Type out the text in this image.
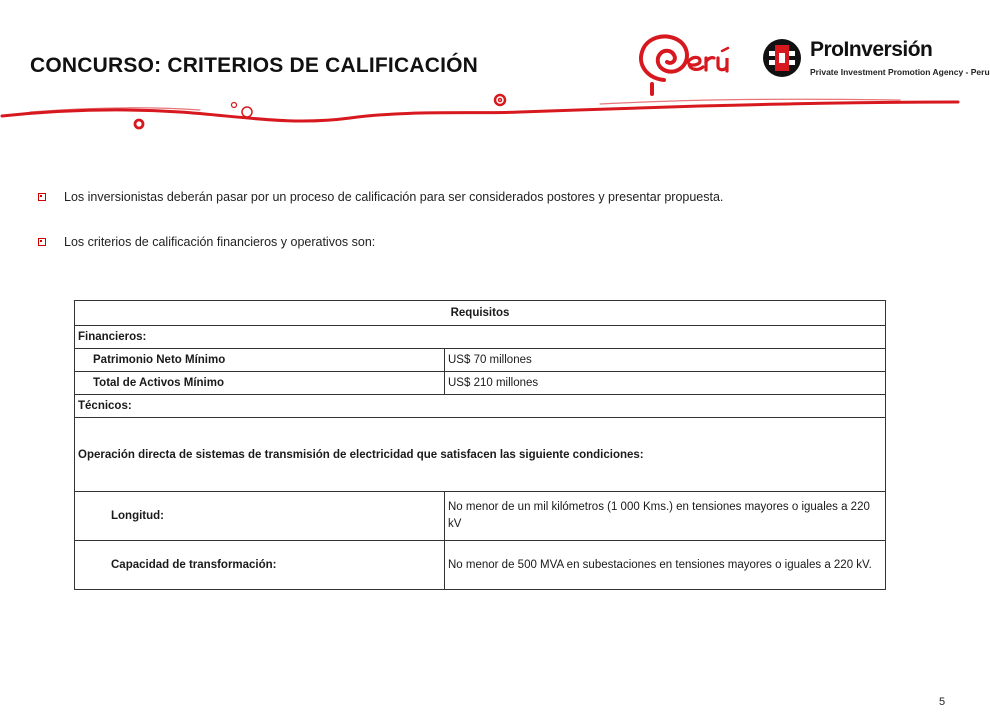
CONCURSO: CRITERIOS DE CALIFICACIÓN
ProInversión
Private Investment Promotion Agency - Peru
Los inversionistas deberán pasar por un proceso de calificación para ser considerados postores y presentar propuesta.
Los criterios de calificación financieros y operativos son:
Requisitos	
Financieros:	
Patrimonio Neto Mínimo	US$ 70 millones
Total de Activos Mínimo	US$ 210 millones
Técnicos:	
Operación directa de sistemas de transmisión de electricidad que satisfacen las siguiente condiciones:	
Longitud:	No menor de un mil kilómetros (1 000 Kms.) en tensiones mayores o iguales a 220 kV
Capacidad de transformación:	No menor de 500 MVA en subestaciones en tensiones mayores o iguales a 220 kV.
5
